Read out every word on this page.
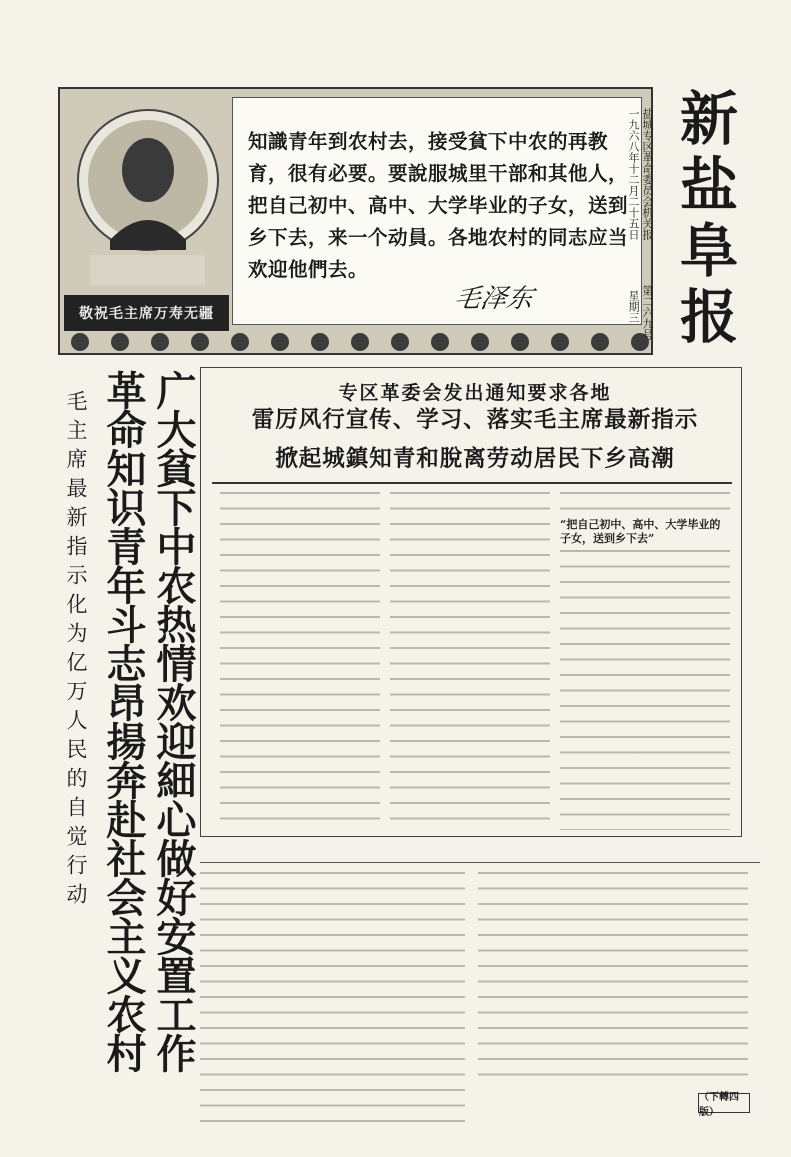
敬祝毛主席万寿无疆
知識青年到农村去，接受貧下中农的再教育，很有必要。要說服城里干部和其他人，把自己初中、高中、大学毕业的子女，送到乡下去，来一个动員。各地农村的同志应当欢迎他們去。
毛泽东 新盐阜报
盐城专区革命委员会机关报
一九六八年十二月二十五日
第二六九号
星期三
毛主席最新指示化为亿万人民的自觉行动 广大貧下中农热情欢迎細心做好安置工作
革命知识青年斗志昂揚奔赴社会主义农村	专区革委会发出通知要求各地
雷厉风行宣传、学习、落实毛主席最新指示
掀起城鎮知青和脫离劳动居民下乡高潮
“把自己初中、高中、大学毕业的子女，送到乡下去”
（下轉四版）
